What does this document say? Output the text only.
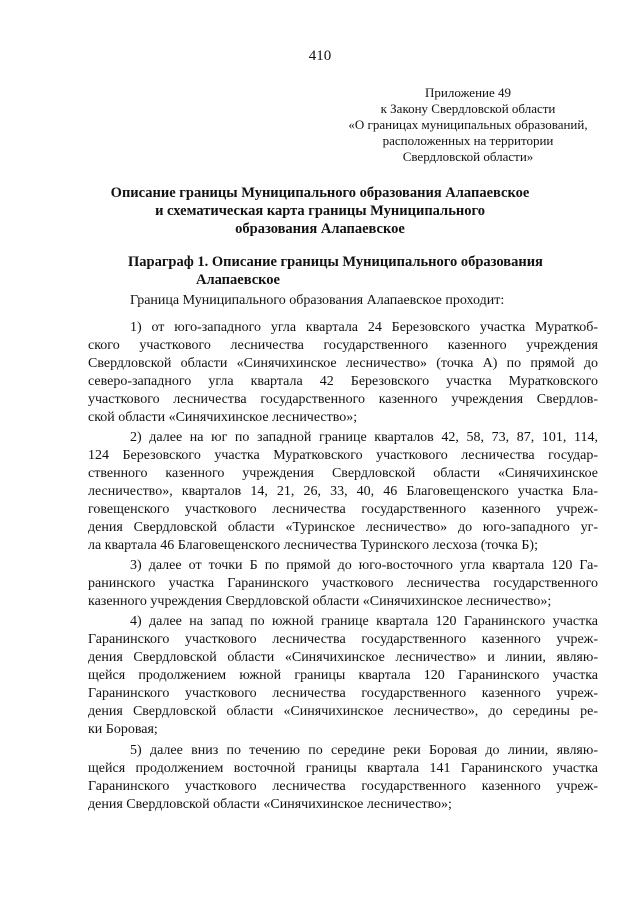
410
Приложение 49
к Закону Свердловской области
«О границах муниципальных образований,
расположенных на территории
Свердловской области»
Описание границы Муниципального образования Алапаевское
и схематическая карта границы Муниципального
образования Алапаевское
Параграф 1. Описание границы Муниципального образования
Алапаевское
Граница Муниципального образования Алапаевское проходит:
1) от юго-западного угла квартала 24 Березовского участка Мураткоб-
ского участкового лесничества государственного казенного учреждения
Свердловской области «Синячихинское лесничество» (точка А) по прямой до
северо-западного угла квартала 42 Березовского участка Муратковского
участкового лесничества государственного казенного учреждения Свердлов-
ской области «Синячихинское лесничество»;
2) далее на юг по западной границе кварталов 42, 58, 73, 87, 101, 114,
124 Березовского участка Муратковского участкового лесничества государ-
ственного казенного учреждения Свердловской области «Синячихинское
лесничество», кварталов 14, 21, 26, 33, 40, 46 Благовещенского участка Бла-
говещенского участкового лесничества государственного казенного учреж-
дения Свердловской области «Туринское лесничество» до юго-западного уг-
ла квартала 46 Благовещенского лесничества Туринского лесхоза (точка Б);
3) далее от точки Б по прямой до юго-восточного угла квартала 120 Га-
ранинского участка Гаранинского участкового лесничества государственного
казенного учреждения Свердловской области «Синячихинское лесничество»;
4) далее на запад по южной границе квартала 120 Гаранинского участка
Гаранинского участкового лесничества государственного казенного учреж-
дения Свердловской области «Синячихинское лесничество» и линии, являю-
щейся продолжением южной границы квартала 120 Гаранинского участка
Гаранинского участкового лесничества государственного казенного учреж-
дения Свердловской области «Синячихинское лесничество», до середины ре-
ки Боровая;
5) далее вниз по течению по середине реки Боровая до линии, являю-
щейся продолжением восточной границы квартала 141 Гаранинского участка
Гаранинского участкового лесничества государственного казенного учреж-
дения Свердловской области «Синячихинское лесничество»;
